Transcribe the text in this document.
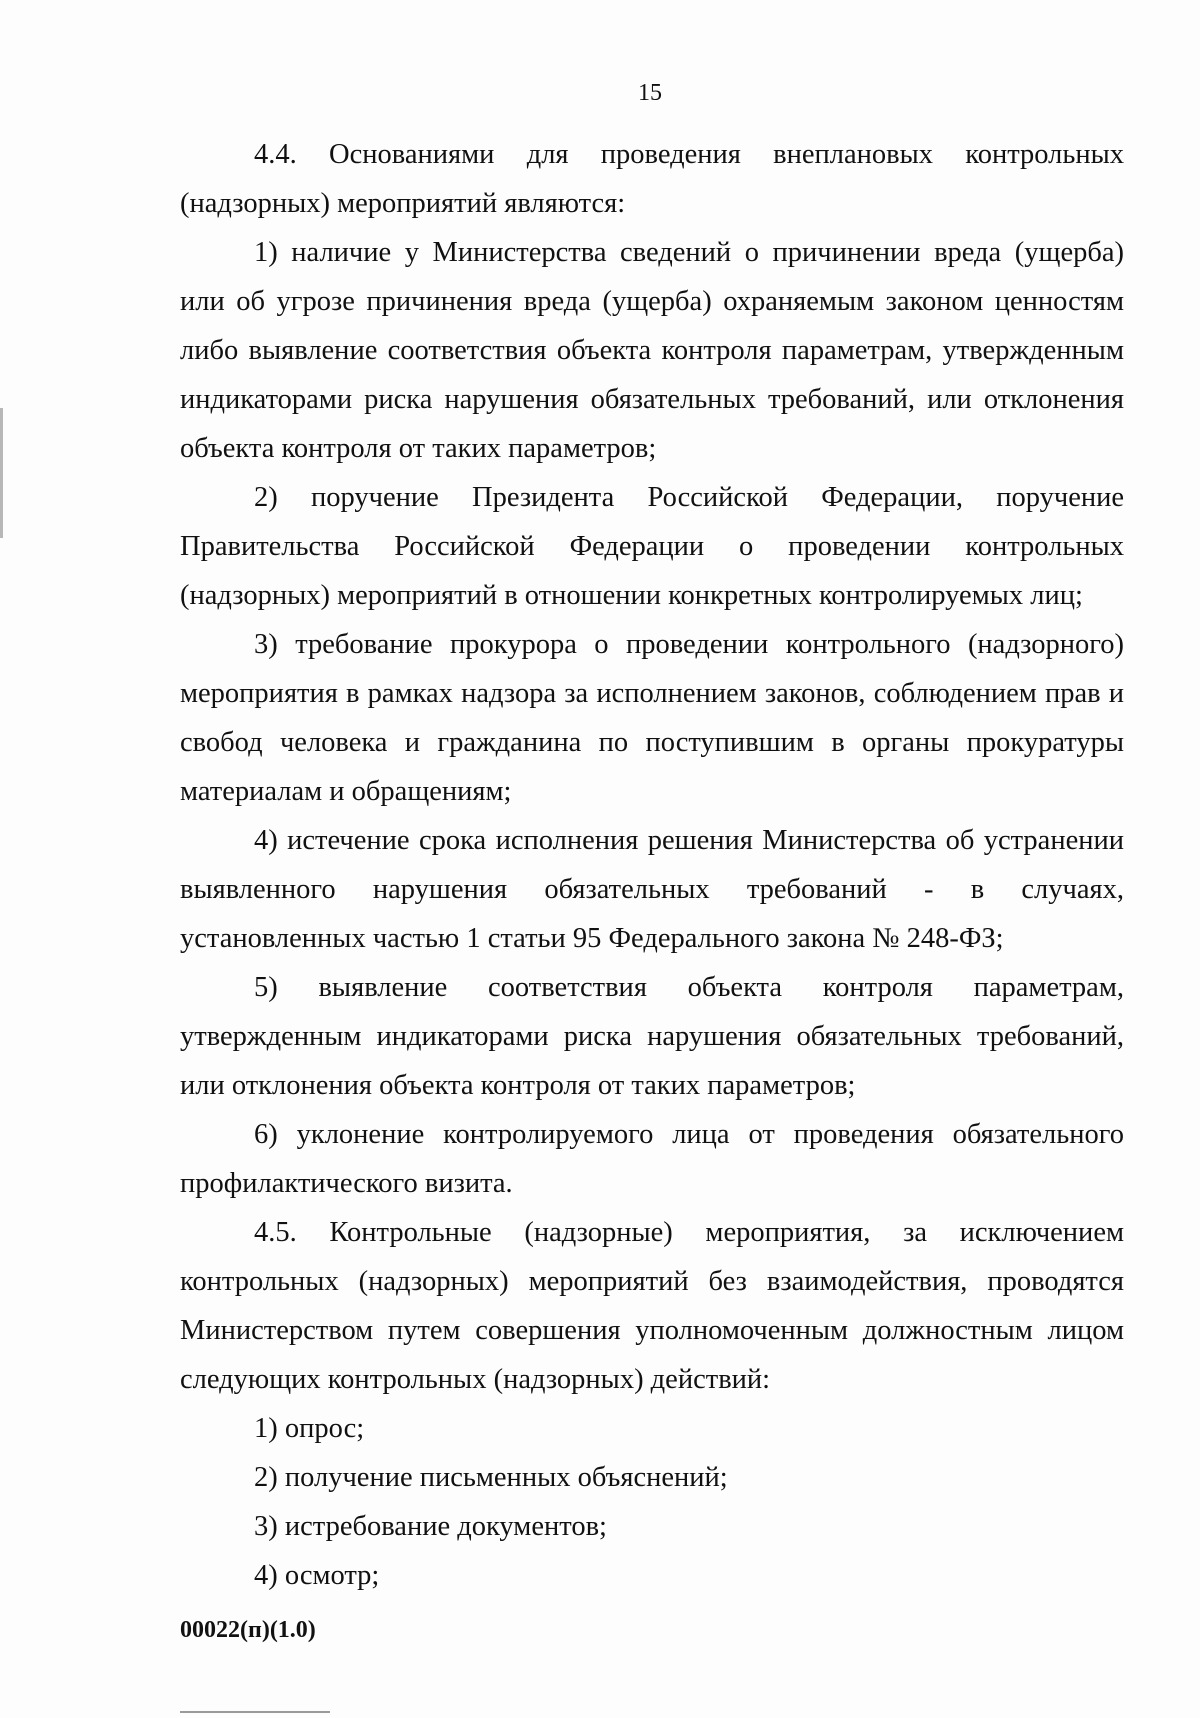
15

4.4. Основаниями для проведения внеплановых контрольных (надзорных) мероприятий являются:

1) наличие у Министерства сведений о причинении вреда (ущерба) или об угрозе причинения вреда (ущерба) охраняемым законом ценностям либо выявление соответствия объекта контроля параметрам, утвержденным индикаторами риска нарушения обязательных требований, или отклонения объекта контроля от таких параметров;

2) поручение Президента Российской Федерации, поручение Правительства Российской Федерации о проведении контрольных (надзорных) мероприятий в отношении конкретных контролируемых лиц;

3) требование прокурора о проведении контрольного (надзорного) мероприятия в рамках надзора за исполнением законов, соблюдением прав и свобод человека и гражданина по поступившим в органы прокуратуры материалам и обращениям;

4) истечение срока исполнения решения Министерства об устранении выявленного нарушения обязательных требований - в случаях, установленных частью 1 статьи 95 Федерального закона № 248-ФЗ;

5) выявление соответствия объекта контроля параметрам, утвержденным индикаторами риска нарушения обязательных требований, или отклонения объекта контроля от таких параметров;

6) уклонение контролируемого лица от проведения обязательного профилактического визита.

4.5. Контрольные (надзорные) мероприятия, за исключением контрольных (надзорных) мероприятий без взаимодействия, проводятся Министерством путем совершения уполномоченным должностным лицом следующих контрольных (надзорных) действий:

1) опрос;

2) получение письменных объяснений;

3) истребование документов;

4) осмотр;

00022(п)(1.0)
